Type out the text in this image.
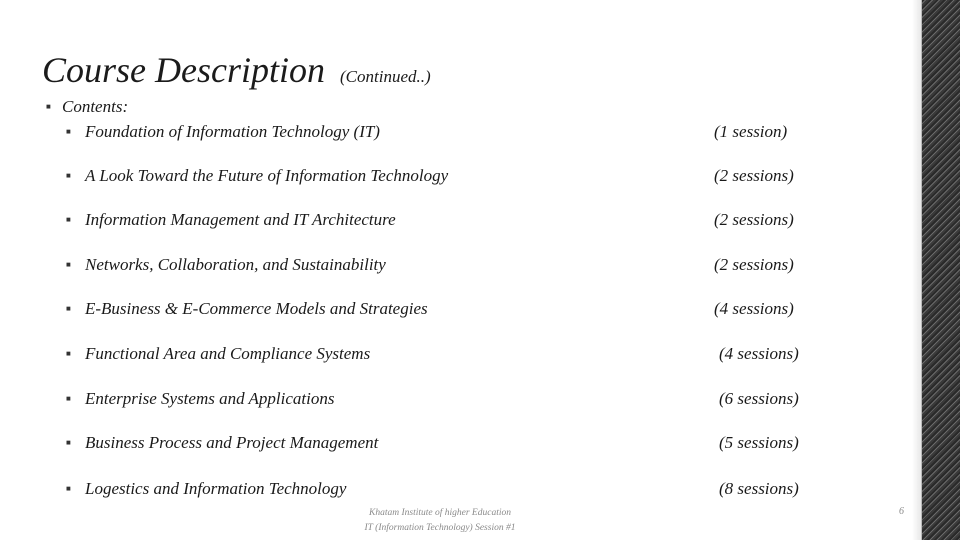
Course Description (Continued..)
■ Contents:
■ Foundation of Information Technology (IT)	(1 session)
■ A Look Toward the Future of Information Technology	(2 sessions)
■ Information Management and IT Architecture	(2 sessions)
■ Networks, Collaboration, and Sustainability	(2 sessions)
■ E-Business & E-Commerce Models and Strategies	(4 sessions)
■ Functional Area and Compliance Systems	(4 sessions)
■ Enterprise Systems and Applications	(6 sessions)
■ Business Process and Project Management	(5 sessions)
■ Logestics and Information Technology	(8 sessions)
Khatam Institute of higher Education
IT (Information Technology) Session #1
6
